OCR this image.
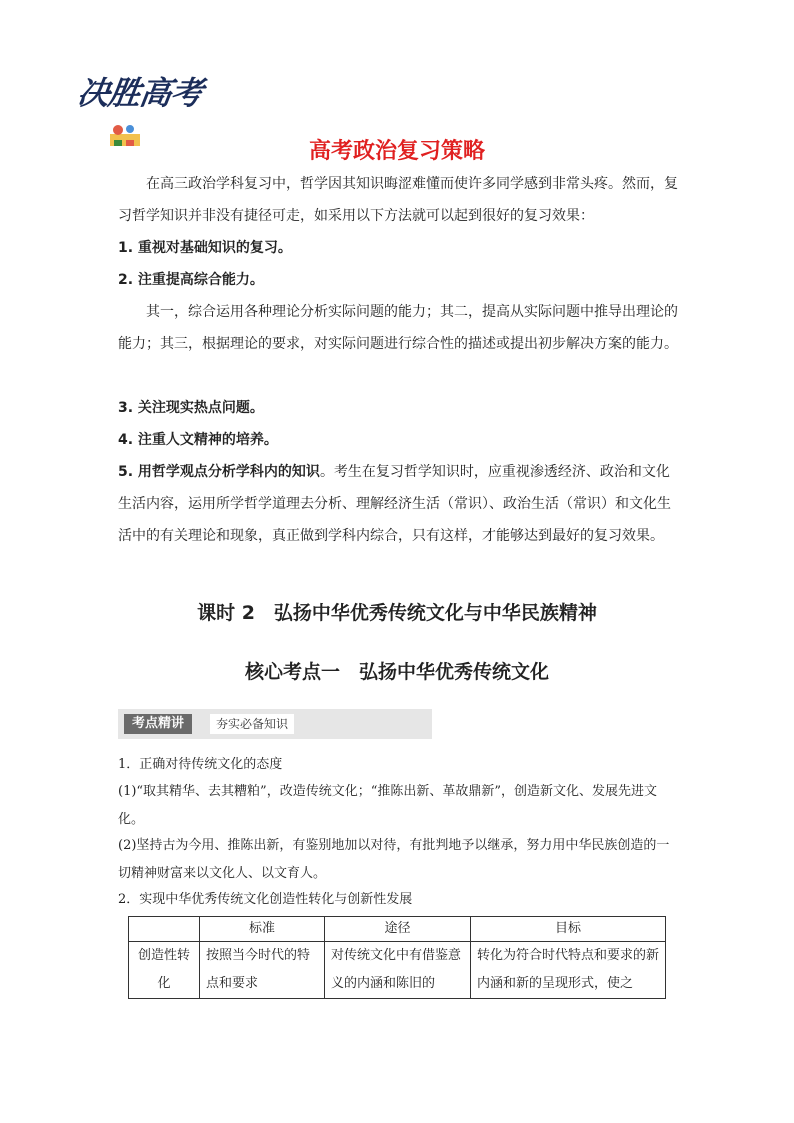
决胜高考
高考政治复习策略

在高三政治学科复习中，哲学因其知识晦涩难懂而使许多同学感到非常头疼。然而，复习哲学知识并非没有捷径可走，如采用以下方法就可以起到很好的复习效果：

1. 重视对基础知识的复习。

2. 注重提高综合能力。

其一，综合运用各种理论分析实际问题的能力；其二，提高从实际问题中推导出理论的能力；其三，根据理论的要求，对实际问题进行综合性的描述或提出初步解决方案的能力。

3. 关注现实热点问题。

4. 注重人文精神的培养。

5. 用哲学观点分析学科内的知识。考生在复习哲学知识时，应重视渗透经济、政治和文化生活内容，运用所学哲学道理去分析、理解经济生活（常识）、政治生活（常识）和文化生活中的有关理论和现象，真正做到学科内综合，只有这样，才能够达到最好的复习效果。

课时 2　弘扬中华优秀传统文化与中华民族精神
核心考点一　弘扬中华优秀传统文化
考点精讲	夯实必备知识

1．正确对待传统文化的态度

(1)“取其精华、去其糟粕”，改造传统文化；“推陈出新、革故鼎新”，创造新文化、发展先进文化。

(2)坚持古为今用、推陈出新，有鉴别地加以对待，有批判地予以继承，努力用中华民族创造的一切精神财富来以文化人、以文育人。

2．实现中华优秀传统文化创造性转化与创新性发展

	标准	途径	目标
创造性转化	按照当今时代的特点和要求	对传统文化中有借鉴意义的内涵和陈旧的	转化为符合时代特点和要求的新内涵和新的呈现形式，使之
